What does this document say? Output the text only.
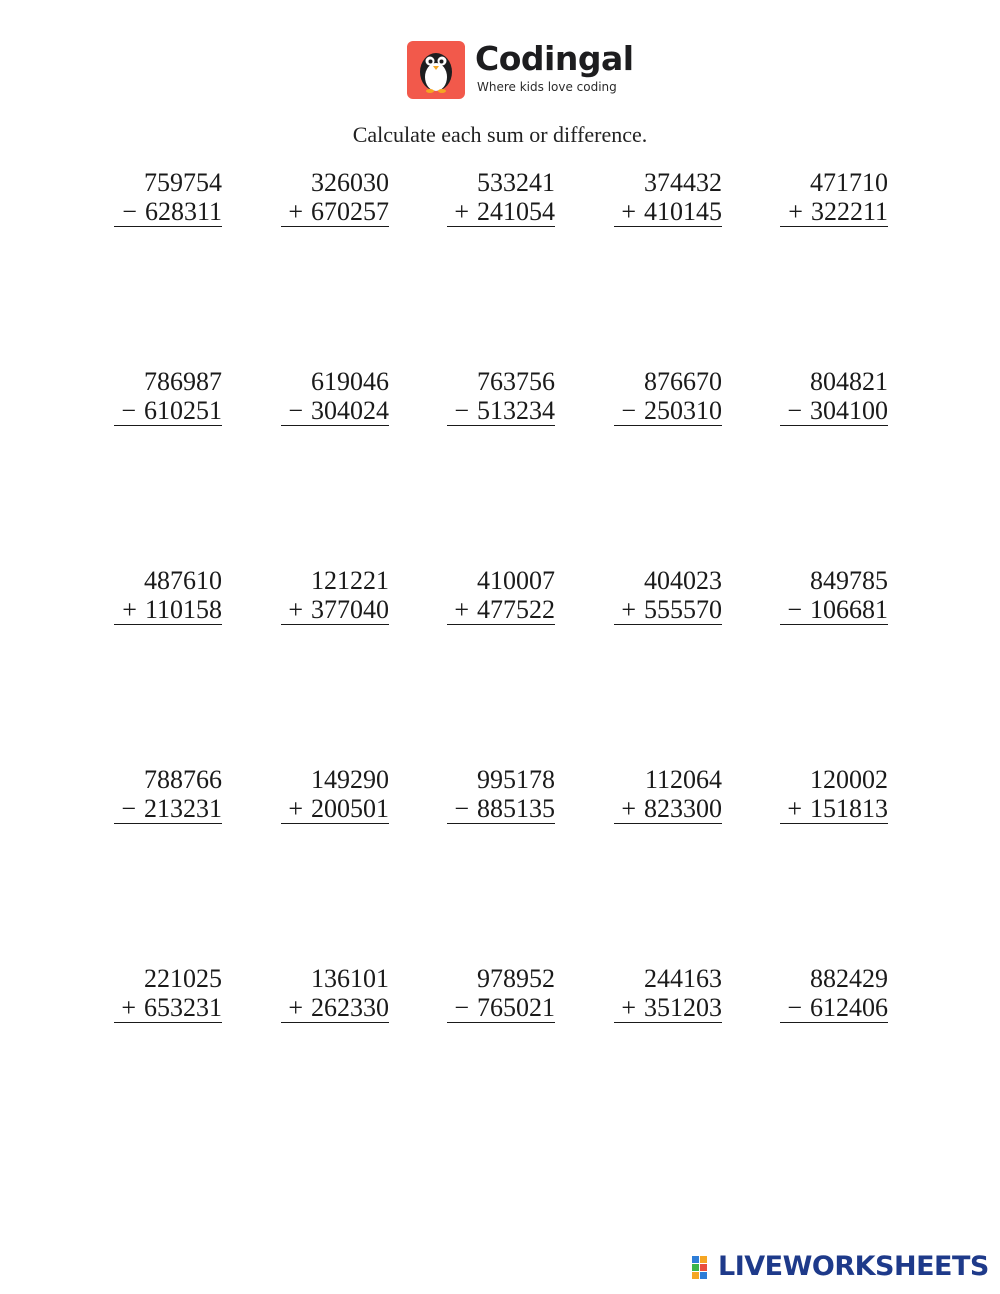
Codingal
Where kids love coding
Calculate each sum or difference.
759754
− 628311
326030
+ 670257
533241
+ 241054
374432
+ 410145
471710
+ 322211
786987
− 610251
619046
− 304024
763756
− 513234
876670
− 250310
804821
− 304100
487610
+ 110158
121221
+ 377040
410007
+ 477522
404023
+ 555570
849785
− 106681
788766
− 213231
149290
+ 200501
995178
− 885135
112064
+ 823300
120002
+ 151813
221025
+ 653231
136101
+ 262330
978952
− 765021
244163
+ 351203
882429
− 612406
LIVEWORKSHEETS
